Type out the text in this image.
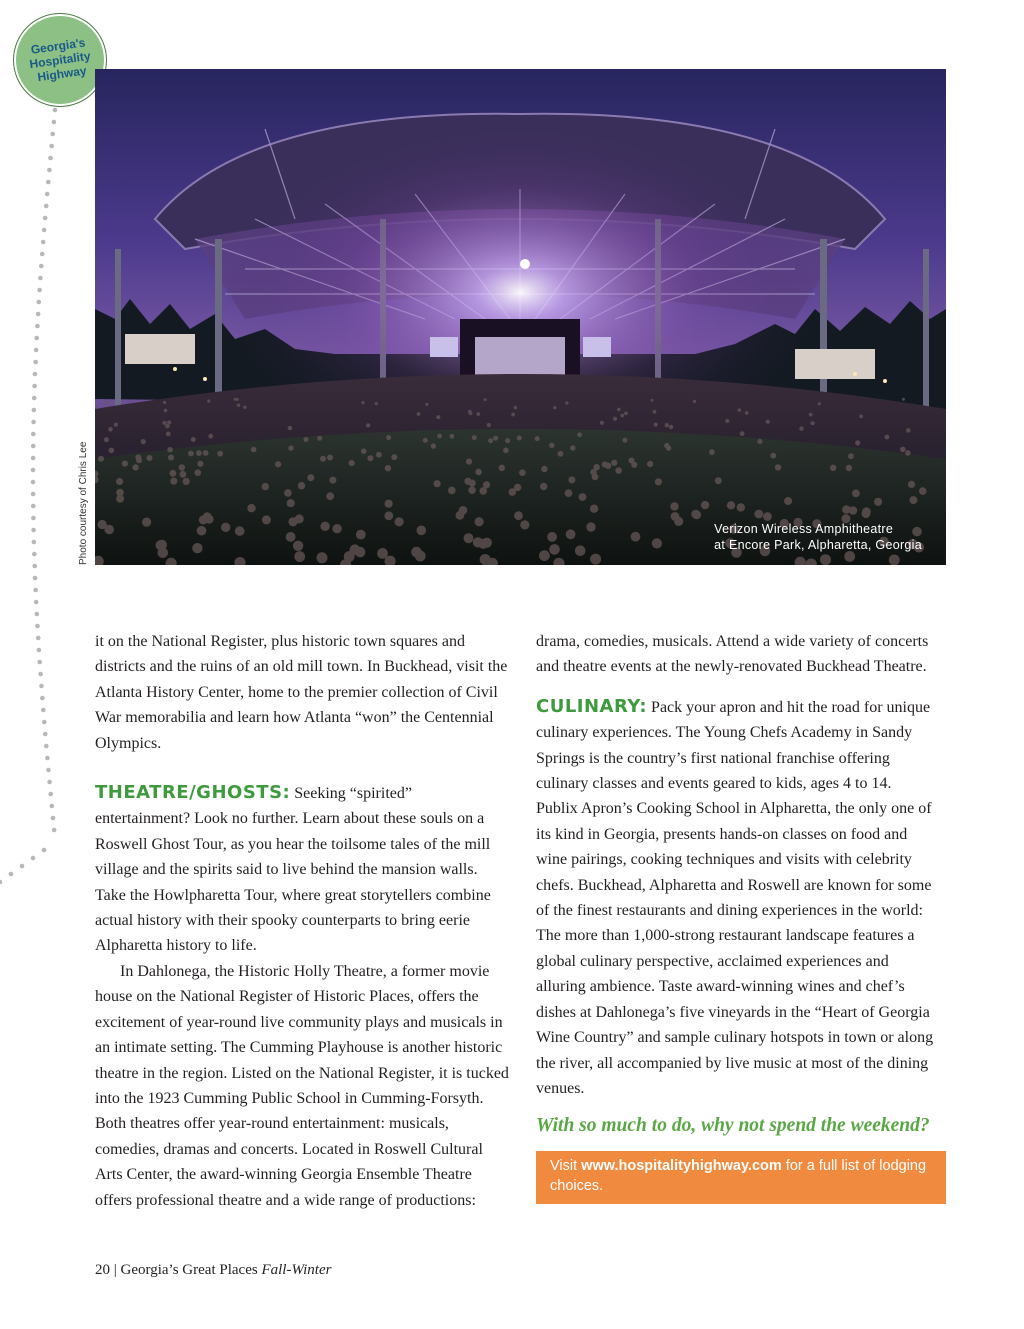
Georgia's
Hospitality
Highway
Verizon Wireless Amphitheatre
at Encore Park, Alpharetta, Georgia
Photo courtesy of Chris Lee

it on the National Register, plus historic town squares and districts and the ruins of an old mill town. In Buckhead, visit the Atlanta History Center, home to the premier collection of Civil War memorabilia and learn how Atlanta “won” the Centennial Olympics.

THEATRE/GHOSTS: Seeking “spirited” entertainment? Look no further. Learn about these souls on a Roswell Ghost Tour, as you hear the toilsome tales of the mill village and the spirits said to live behind the mansion walls. Take the Howlpharetta Tour, where great storytellers combine actual history with their spooky counterparts to bring eerie Alpharetta history to life.

In Dahlonega, the Historic Holly Theatre, a former movie house on the National Register of Historic Places, offers the excitement of year-round live community plays and musicals in an intimate setting. The Cumming Playhouse is another historic theatre in the region. Listed on the National Register, it is tucked into the 1923 Cumming Public School in Cumming-Forsyth. Both theatres offer year-round entertainment: musicals, comedies, dramas and concerts. Located in Roswell Cultural Arts Center, the award-winning Georgia Ensemble Theatre offers professional theatre and a wide range of productions:

drama, comedies, musicals. Attend a wide variety of concerts and theatre events at the newly-renovated Buckhead Theatre.

CULINARY: Pack your apron and hit the road for unique culinary experiences. The Young Chefs Academy in Sandy Springs is the country’s first national franchise offering culinary classes and events geared to kids, ages 4 to 14. Publix Apron’s Cooking School in Alpharetta, the only one of its kind in Georgia, presents hands-on classes on food and wine pairings, cooking techniques and visits with celebrity chefs. Buckhead, Alpharetta and Roswell are known for some of the finest restaurants and dining experiences in the world: The more than 1,000-strong restaurant landscape features a global culinary perspective, acclaimed experiences and alluring ambience. Taste award-winning wines and chef’s dishes at Dahlonega’s five vineyards in the “Heart of Georgia Wine Country” and sample culinary hotspots in town or along the river, all accompanied by live music at most of the dining venues.

With so much to do, why not spend the weekend?
Visit www.hospitalityhighway.com for a full list of lodging choices.
20 | Georgia’s Great Places Fall-Winter
